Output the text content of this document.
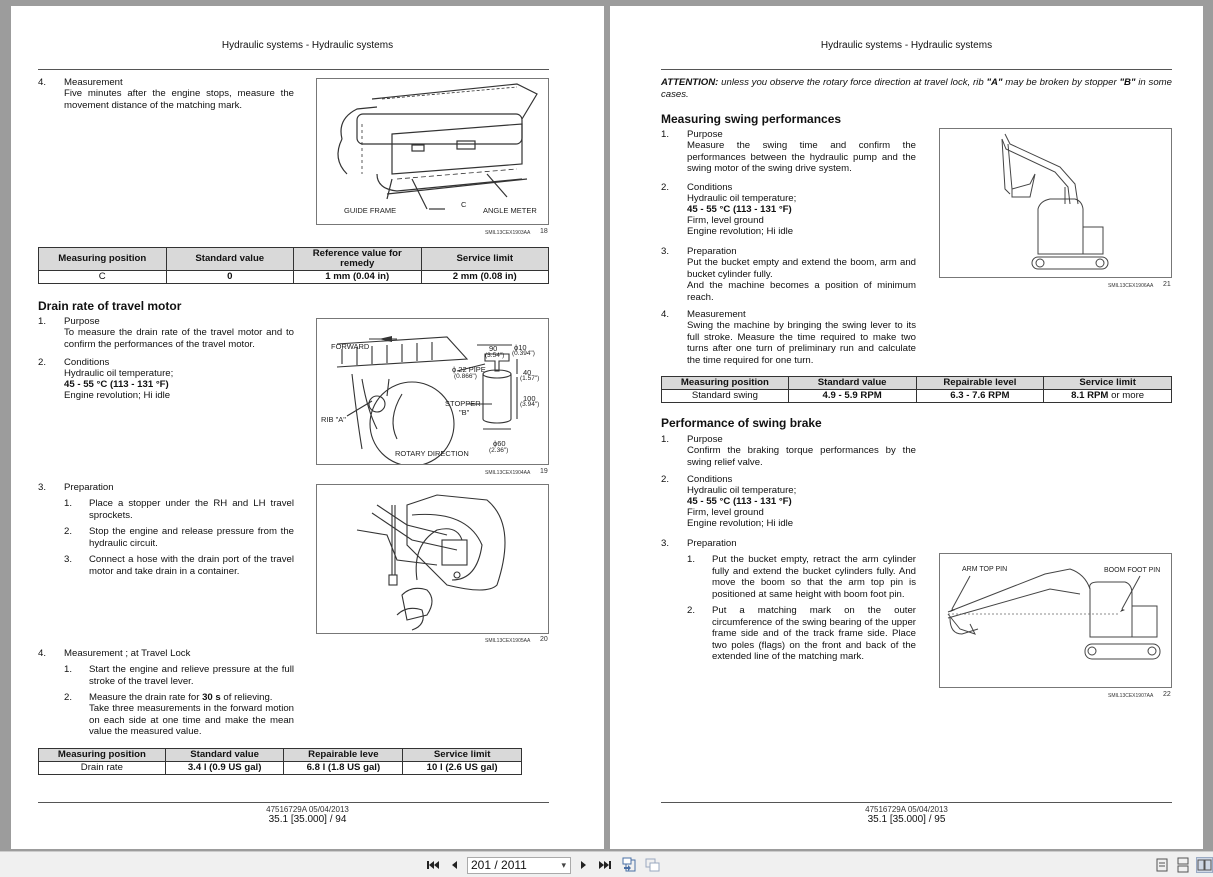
Hydraulic systems - Hydraulic systems
4. Measurement
Five minutes after the engine stops, measure the movement distance of the matching mark.
GUIDE FRAME
C
ANGLE METER
SMIL13CEX1903AA 18
Measuring position	Standard value	Reference value for remedy	Service limit
C	0	1 mm (0.04 in)	2 mm (0.08 in)
Drain rate of travel motor
1. Purpose
To measure the drain rate of the travel motor and to confirm the performances of the travel motor.
2. Conditions
Hydraulic oil temperature;
45 - 55 °C (113 - 131 °F)
Engine revolution; Hi idle
FORWARD	90
(3.54")
ϕ10
(0.394")
ϕ 22 PIPE
(0.866")	40
(1.57")
STOPPER
"B"
100
(3.94")
RIB "A"
ROTARY DIRECTION
ϕ60
(2.36")
SMIL13CEX1904AA 19
3. Preparation
1. Place a stopper under the RH and LH travel sprockets.
2. Stop the engine and release pressure from the hydraulic circuit.
3. Connect a hose with the drain port of the travel motor and take drain in a container.
SMIL13CEX1905AA 20
4. Measurement ; at Travel Lock
1. Start the engine and relieve pressure at the full stroke of the travel lever.
2. Measure the drain rate for 30 s of relieving.
Take three measurements in the forward motion on each side at one time and make the mean value the measured value.
Measuring position	Standard value	Repairable leve	Service limit
Drain rate	3.4 l (0.9 US gal)	6.8 l (1.8 US gal)	10 l (2.6 US gal)
47516729A 05/04/2013
35.1 [35.000] / 94
Hydraulic systems - Hydraulic systems
ATTENTION: unless you observe the rotary force direction at travel lock, rib "A" may be broken by stopper "B" in some cases.
Measuring swing performances
1. Purpose
Measure the swing time and confirm the performances between the hydraulic pump and the swing motor of the swing drive system.
2. Conditions
Hydraulic oil temperature;
45 - 55 °C (113 - 131 °F)
Firm, level ground
Engine revolution; Hi idle
3. Preparation
Put the bucket empty and extend the boom, arm and bucket cylinder fully.
And the machine becomes a position of minimum reach.
4. Measurement
Swing the machine by bringing the swing lever to its full stroke. Measure the time required to make two turns after one turn of preliminary run and calculate the time required for one turn.
SMIL13CEX1906AA 21
Measuring position	Standard value	Repairable level	Service limit
Standard swing	4.9 - 5.9 RPM	6.3 - 7.6 RPM	8.1 RPM or more
Performance of swing brake
1. Purpose
Confirm the braking torque performances by the swing relief valve.
2. Conditions
Hydraulic oil temperature;
45 - 55 °C (113 - 131 °F)
Firm, level ground
Engine revolution; Hi idle
3. Preparation
1. Put the bucket empty, retract the arm cylinder fully and extend the bucket cylinders fully. And move the boom so that the arm top pin is positioned at same height with boom foot pin.
2. Put a matching mark on the outer circumference of the swing bearing of the upper frame side and of the track frame side. Place two poles (flags) on the front and back of the extended line of the matching mark.
ARM TOP PIN	BOOM FOOT PIN
SMIL13CEX1907AA 22
47516729A 05/04/2013
35.1 [35.000] / 95
201 / 2011	▾
